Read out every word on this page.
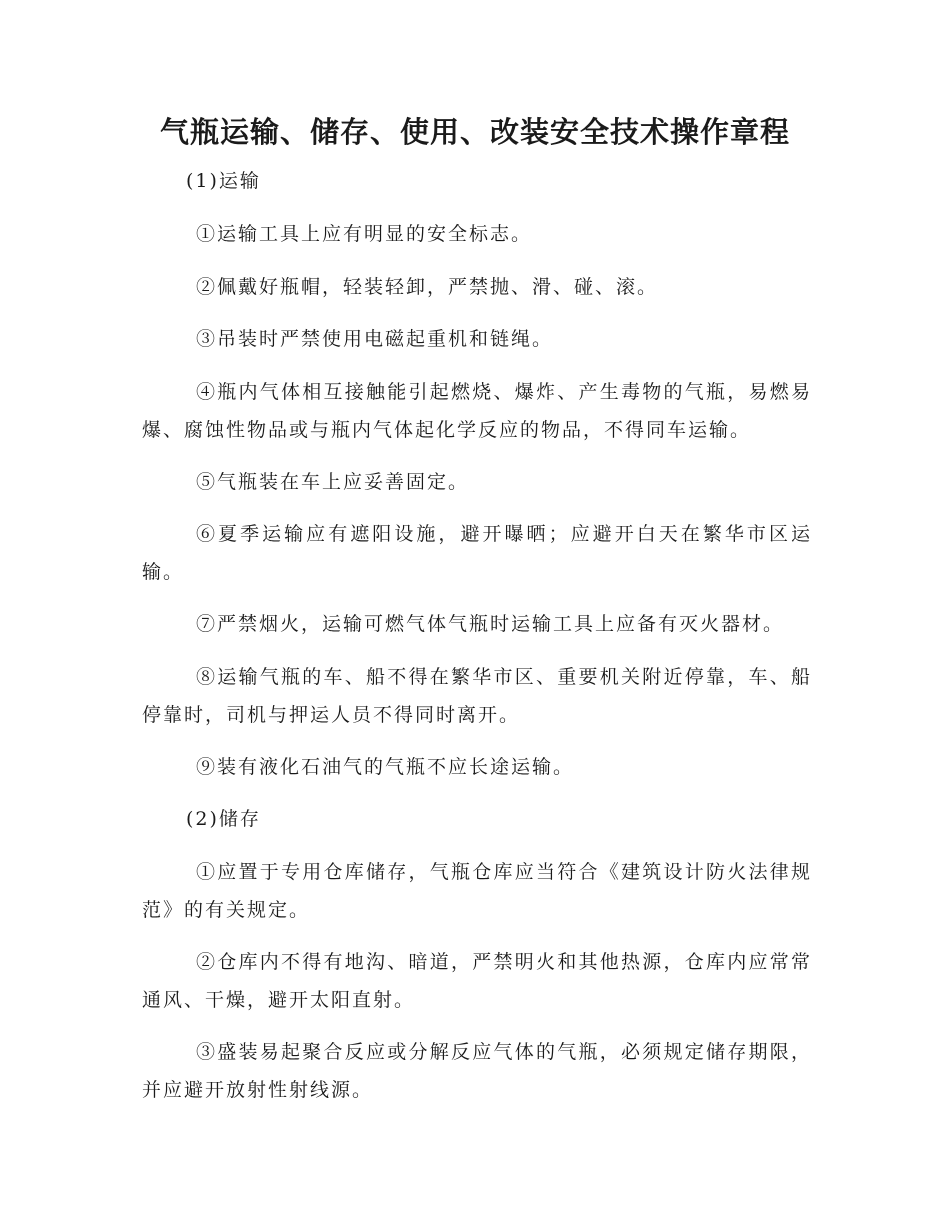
气瓶运输、储存、使用、改装安全技术操作章程

(1)运输

①运输工具上应有明显的安全标志。

②佩戴好瓶帽，轻装轻卸，严禁抛、滑、碰、滚。

③吊装时严禁使用电磁起重机和链绳。

④瓶内气体相互接触能引起燃烧、爆炸、产生毒物的气瓶，易燃易爆、腐蚀性物品或与瓶内气体起化学反应的物品，不得同车运输。

⑤气瓶装在车上应妥善固定。

⑥夏季运输应有遮阳设施，避开曝晒；应避开白天在繁华市区运输。

⑦严禁烟火，运输可燃气体气瓶时运输工具上应备有灭火器材。

⑧运输气瓶的车、船不得在繁华市区、重要机关附近停靠，车、船停靠时，司机与押运人员不得同时离开。

⑨装有液化石油气的气瓶不应长途运输。

(2)储存

①应置于专用仓库储存，气瓶仓库应当符合《建筑设计防火法律规范》的有关规定。

②仓库内不得有地沟、暗道，严禁明火和其他热源，仓库内应常常通风、干燥，避开太阳直射。

③盛装易起聚合反应或分解反应气体的气瓶，必须规定储存期限，并应避开放射性射线源。
